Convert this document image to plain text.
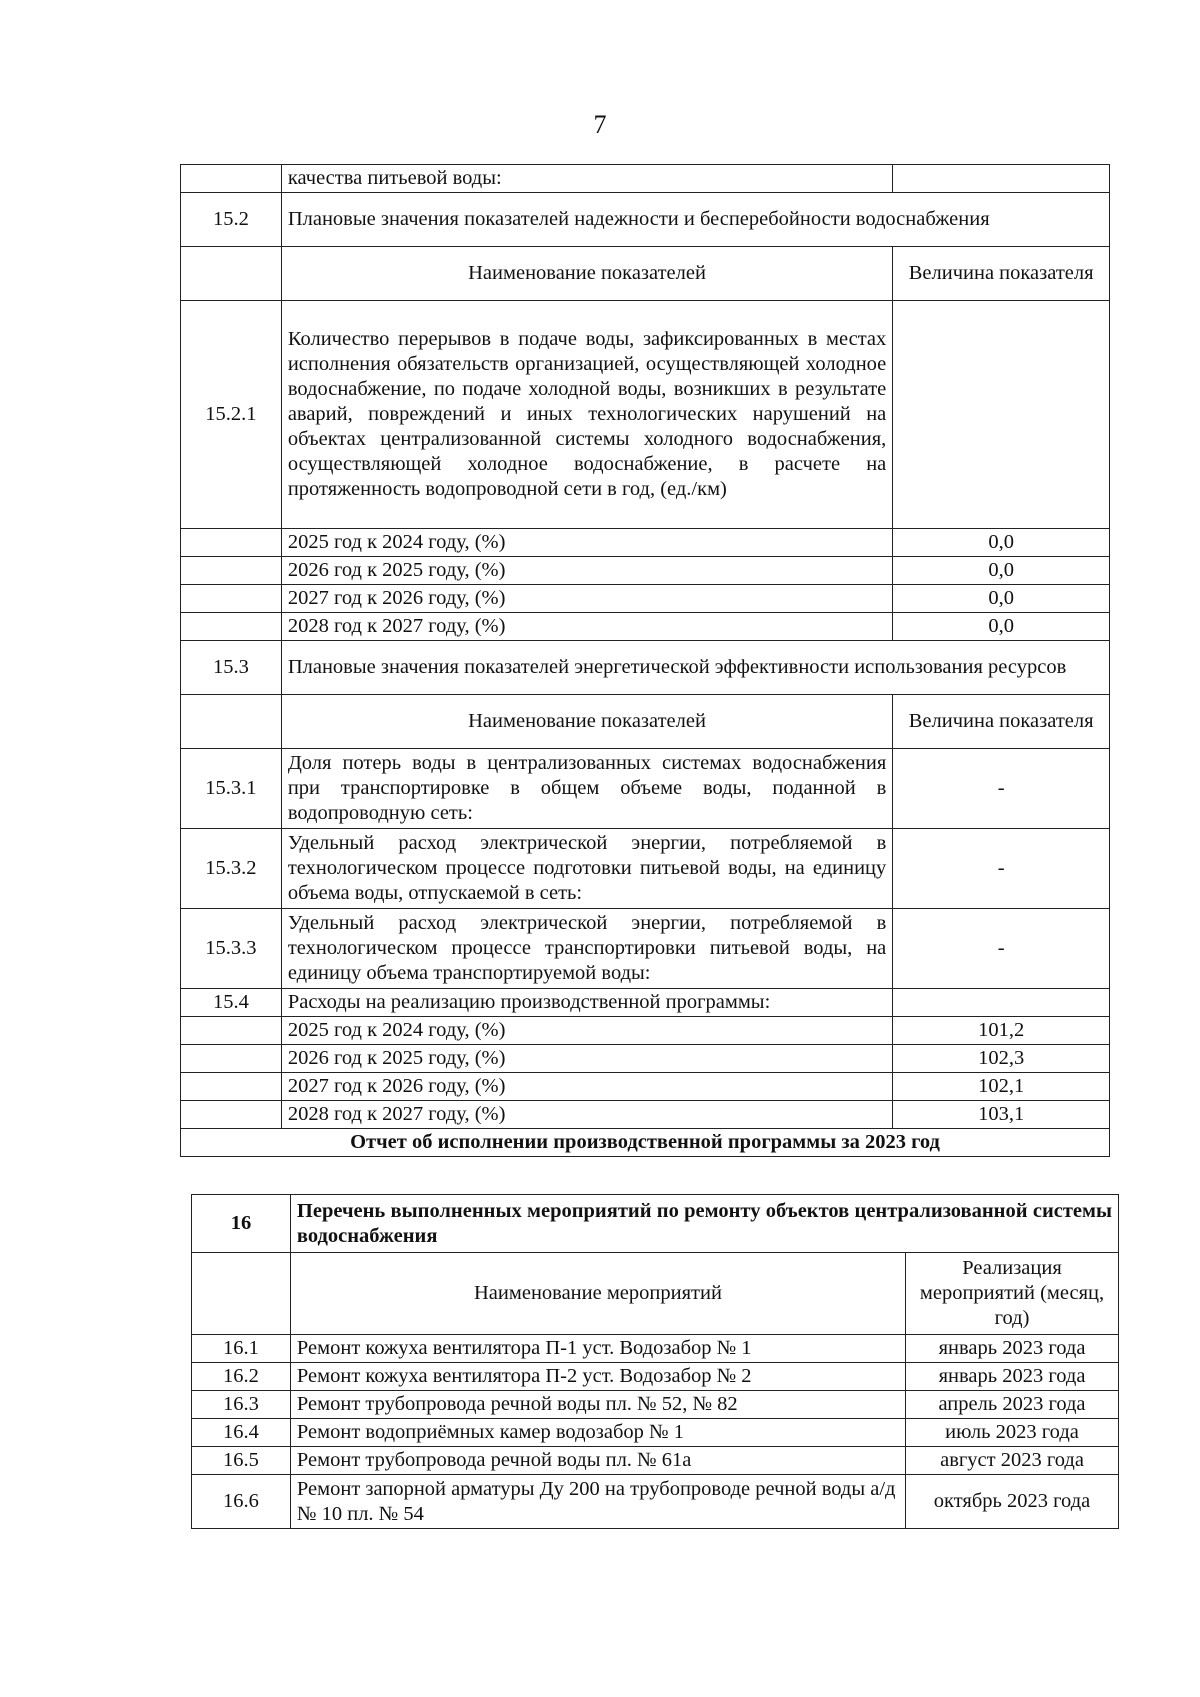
7
	качества питьевой воды:	
15.2	Плановые значения показателей надежности и бесперебойности водоснабжения	
	Наименование показателей	Величина показателя
15.2.1	Количество перерывов в подаче воды, зафиксированных в местах исполнения обязательств организацией, осуществляющей холодное водоснабжение, по подаче холодной воды, возникших в результате аварий, повреждений и иных технологических нарушений на объектах централизованной системы холодного водоснабжения, осуществляющей холодное водоснабжение, в расчете на протяженность водопроводной сети в год, (ед./км)	
	2025 год к 2024 году, (%)	0,0
	2026 год к 2025 году, (%)	0,0
	2027 год к 2026 году, (%)	0,0
	2028 год к 2027 году, (%)	0,0
15.3	Плановые значения показателей энергетической эффективности использования ресурсов	
	Наименование показателей	Величина показателя
15.3.1	Доля потерь воды в централизованных системах водоснабжения при транспортировке в общем объеме воды, поданной в водопроводную сеть:	-
15.3.2	Удельный расход электрической энергии, потребляемой в технологическом процессе подготовки питьевой воды, на единицу объема воды, отпускаемой в сеть:	-
15.3.3	Удельный расход электрической энергии, потребляемой в технологическом процессе транспортировки питьевой воды, на единицу объема транспортируемой воды:	-
15.4	Расходы на реализацию производственной программы:	
	2025 год к 2024 году, (%)	101,2
	2026 год к 2025 году, (%)	102,3
	2027 год к 2026 году, (%)	102,1
	2028 год к 2027 году, (%)	103,1
Отчет об исполнении производственной программы за 2023 год		
16	Перечень выполненных мероприятий по ремонту объектов централизованной системы водоснабжения	
	Наименование мероприятий	Реализация мероприятий (месяц, год)
16.1	Ремонт кожуха вентилятора П-1 уст. Водозабор № 1	январь 2023 года
16.2	Ремонт кожуха вентилятора П-2 уст. Водозабор № 2	январь 2023 года
16.3	Ремонт трубопровода речной воды пл. № 52, № 82	апрель 2023 года
16.4	Ремонт водоприёмных камер водозабор № 1	июль 2023 года
16.5	Ремонт трубопровода речной воды пл. № 61а	август 2023 года
16.6	Ремонт запорной арматуры Ду 200 на трубопроводе речной воды а/д № 10 пл. № 54	октябрь 2023 года
